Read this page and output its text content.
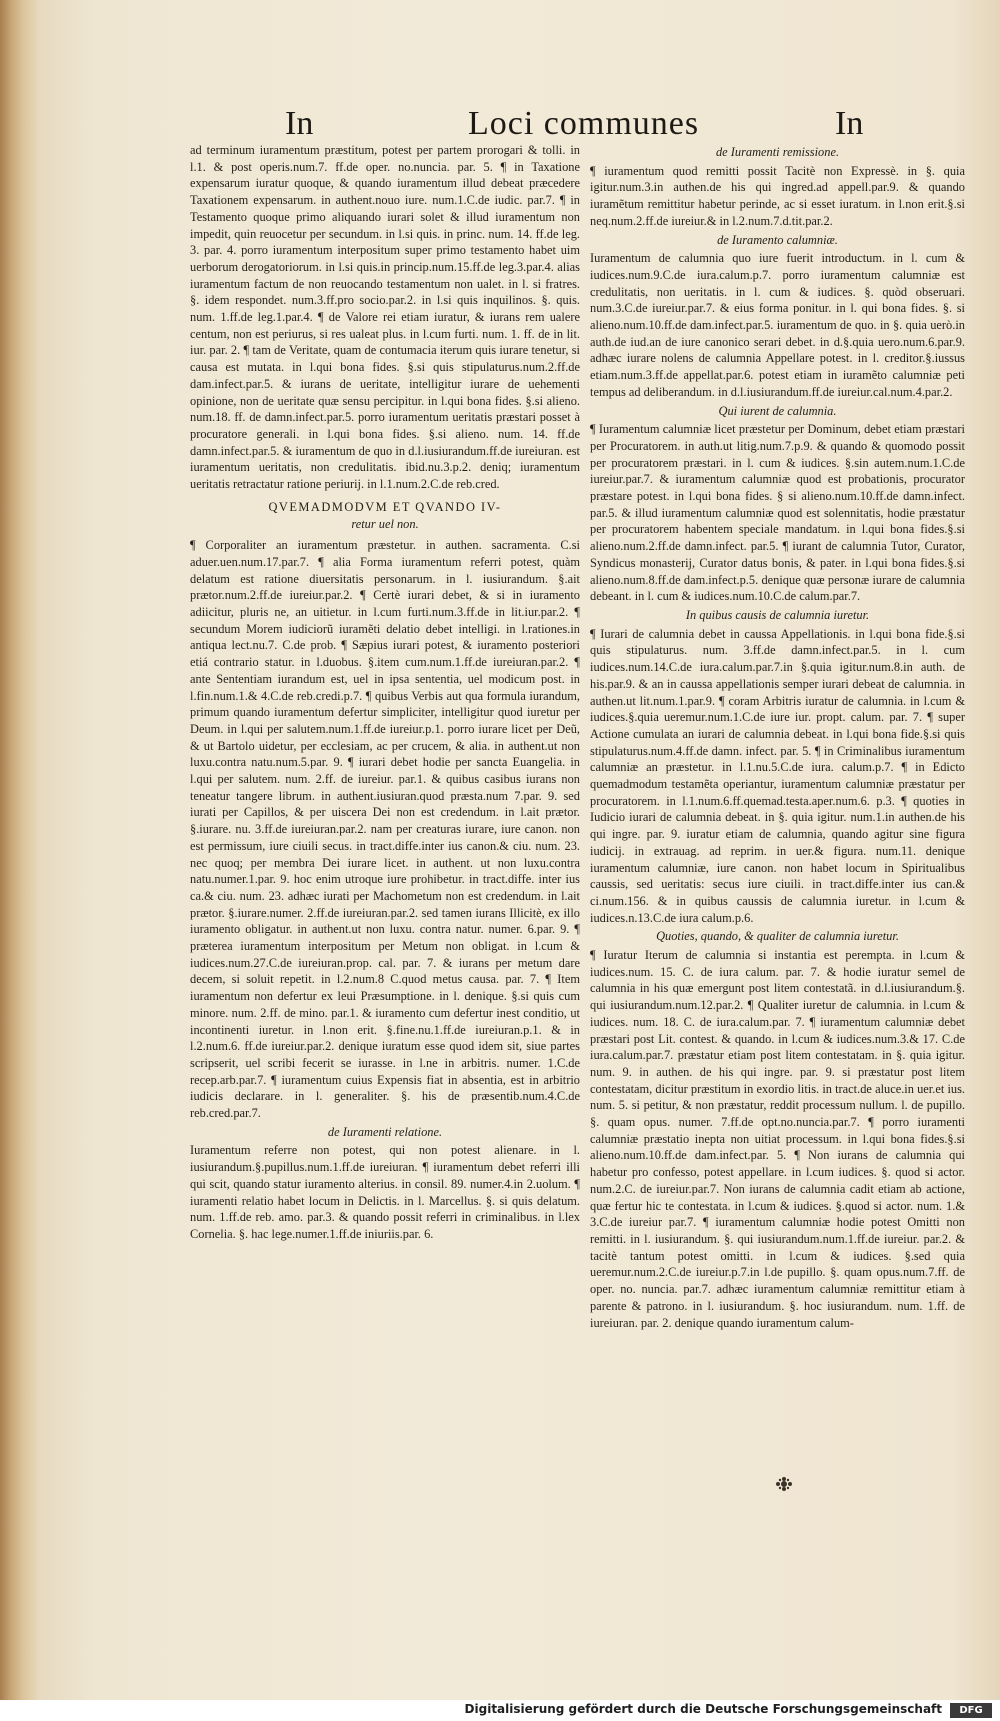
In	Loci communes	In

ad terminum iuramentum præstitum, potest per partem prorogari & tolli. in l.1. & post operis.num.7. ff.de oper. no.nuncia. par. 5. ¶ in Taxatione expensarum iuratur quoque, & quando iuramentum illud debeat præcedere Taxationem expensarum. in authent.nouo iure. num.1.C.de iudic. par.7. ¶ in Testamento quoque primo aliquando iurari solet & illud iuramentum non impedit, quin reuocetur per secundum. in l.si quis. in princ. num. 14. ff.de leg. 3. par. 4. porro iuramentum interpositum super primo testamento habet uim uerborum derogatoriorum. in l.si quis.in princip.num.15.ff.de leg.3.par.4. alias iuramentum factum de non reuocando testamentum non ualet. in l. si fratres. §. idem respondet. num.3.ff.pro socio.par.2. in l.si quis inquilinos. §. quis. num. 1.ff.de leg.1.par.4. ¶ de Valore rei etiam iuratur, & iurans rem ualere centum, non est periurus, si res ualeat plus. in l.cum furti. num. 1. ff. de in lit. iur. par. 2. ¶ tam de Veritate, quam de contumacia iterum quis iurare tenetur, si causa est mutata. in l.qui bona fides. §.si quis stipulaturus.num.2.ff.de dam.infect.par.5. & iurans de ueritate, intelligitur iurare de uehementi opinione, non de ueritate quæ sensu percipitur. in l.qui bona fides. §.si alieno. num.18. ff. de damn.infect.par.5. porro iuramentum ueritatis præstari posset à procuratore generali. in l.qui bona fides. §.si alieno. num. 14. ff.de damn.infect.par.5. & iuramentum de quo in d.l.iusiurandum.ff.de iureiuran. est iuramentum ueritatis, non credulitatis. ibid.nu.3.p.2. deniq; iuramentum ueritatis retractatur ratione periurij. in l.1.num.2.C.de reb.cred.

QVEMADMODVM ET QVANDO IV-
retur uel non.

¶ Corporaliter an iuramentum præstetur. in authen. sacramenta. C.si aduer.uen.num.17.par.7. ¶ alia Forma iuramentum referri potest, quàm delatum est ratione diuersitatis personarum. in l. iusiurandum. §.ait prætor.num.2.ff.de iureiur.par.2. ¶ Certè iurari debet, & si in iuramento adiicitur, pluris ne, an uitietur. in l.cum furti.num.3.ff.de in lit.iur.par.2. ¶ secundum Morem iudiciorũ iuramẽti delatio debet intelligi. in l.rationes.in antiqua lect.nu.7. C.de prob. ¶ Sæpius iurari potest, & iuramento posteriori etiá contrario statur. in l.duobus. §.item cum.num.1.ff.de iureiuran.par.2. ¶ ante Sententiam iurandum est, uel in ipsa sententia, uel modicum post. in l.fin.num.1.& 4.C.de reb.credi.p.7. ¶ quibus Verbis aut qua formula iurandum, primum quando iuramentum defertur simpliciter, intelligitur quod iuretur per Deum. in l.qui per salutem.num.1.ff.de iureiur.p.1. porro iurare licet per Deũ, & ut Bartolo uidetur, per ecclesiam, ac per crucem, & alia. in authent.ut non luxu.contra natu.num.5.par. 9. ¶ iurari debet hodie per sancta Euangelia. in l.qui per salutem. num. 2.ff. de iureiur. par.1. & quibus casibus iurans non teneatur tangere librum. in authent.iusiuran.quod præsta.num 7.par. 9. sed iurati per Capillos, & per uiscera Dei non est credendum. in l.ait prætor. §.iurare. nu. 3.ff.de iureiuran.par.2. nam per creaturas iurare, iure canon. non est permissum, iure ciuili secus. in tract.diffe.inter ius canon.& ciu. num. 23. nec quoq; per membra Dei iurare licet. in authent. ut non luxu.contra natu.numer.1.par. 9. hoc enim utroque iure prohibetur. in tract.diffe. inter ius ca.& ciu. num. 23. adhæc iurati per Machometum non est credendum. in l.ait prætor. §.iurare.numer. 2.ff.de iureiuran.par.2. sed tamen iurans Illicitè, ex illo iuramento obligatur. in authent.ut non luxu. contra natur. numer. 6.par. 9. ¶ præterea iuramentum interpositum per Metum non obligat. in l.cum & iudices.num.27.C.de iureiuran.prop. cal. par. 7. & iurans per metum dare decem, si soluit repetit. in l.2.num.8 C.quod metus causa. par. 7. ¶ Item iuramentum non defertur ex leui Præsumptione. in l. denique. §.si quis cum minore. num. 2.ff. de mino. par.1. & iuramento cum defertur inest conditio, ut incontinenti iuretur. in l.non erit. §.fine.nu.1.ff.de iureiuran.p.1. & in l.2.num.6. ff.de iureiur.par.2. denique iuratum esse quod idem sit, siue partes scripserit, uel scribi fecerit se iurasse. in l.ne in arbitris. numer. 1.C.de recep.arb.par.7. ¶ iuramentum cuius Expensis fiat in absentia, est in arbitrio iudicis declarare. in l. generaliter. §. his de præsentib.num.4.C.de reb.cred.par.7.

de Iuramenti relatione.

Iuramentum referre non potest, qui non potest alienare. in l. iusiurandum.§.pupillus.num.1.ff.de iureiuran. ¶ iuramentum debet referri illi qui scit, quando statur iuramento alterius. in consil. 89. numer.4.in 2.uolum. ¶ iuramenti relatio habet locum in Delictis. in l. Marcellus. §. si quis delatum. num. 1.ff.de reb. amo. par.3. & quando possit referri in criminalibus. in l.lex Cornelia. §. hac lege.numer.1.ff.de iniuriis.par. 6.

de Iuramenti remissione.

¶ iuramentum quod remitti possit Tacitè non Expressè. in §. quia igitur.num.3.in authen.de his qui ingred.ad appell.par.9. & quando iuramẽtum remittitur habetur perinde, ac si esset iuratum. in l.non erit.§.si neq.num.2.ff.de iureiur.& in l.2.num.7.d.tit.par.2.

de Iuramento calumniæ.

Iuramentum de calumnia quo iure fuerit introductum. in l. cum & iudices.num.9.C.de iura.calum.p.7. porro iuramentum calumniæ est credulitatis, non ueritatis. in l. cum & iudices. §. quòd obseruari. num.3.C.de iureiur.par.7. & eius forma ponitur. in l. qui bona fides. §. si alieno.num.10.ff.de dam.infect.par.5. iuramentum de quo. in §. quia uerò.in auth.de iud.an de iure canonico serari debet. in d.§.quia uero.num.6.par.9. adhæc iurare nolens de calumnia Appellare potest. in l. creditor.§.iussus etiam.num.3.ff.de appellat.par.6. potest etiam in iuramẽto calumniæ peti tempus ad deliberandum. in d.l.iusiurandum.ff.de iureiur.cal.num.4.par.2.

Qui iurent de calumnia.

¶ Iuramentum calumniæ licet præstetur per Dominum, debet etiam præstari per Procuratorem. in auth.ut litig.num.7.p.9. & quando & quomodo possit per procuratorem præstari. in l. cum & iudices. §.sin autem.num.1.C.de iureiur.par.7. & iuramentum calumniæ quod est probationis, procurator præstare potest. in l.qui bona fides. § si alieno.num.10.ff.de damn.infect. par.5. & illud iuramentum calumniæ quod est solennitatis, hodie præstatur per procuratorem habentem speciale mandatum. in l.qui bona fides.§.si alieno.num.2.ff.de damn.infect. par.5. ¶ iurant de calumnia Tutor, Curator, Syndicus monasterij, Curator datus bonis, & pater. in l.qui bona fides.§.si alieno.num.8.ff.de dam.infect.p.5. denique quæ personæ iurare de calumnia debeant. in l. cum & iudices.num.10.C.de calum.par.7.

In quibus causis de calumnia iuretur.

¶ Iurari de calumnia debet in caussa Appellationis. in l.qui bona fide.§.si quis stipulaturus. num. 3.ff.de damn.infect.par.5. in l. cum iudices.num.14.C.de iura.calum.par.7.in §.quia igitur.num.8.in auth. de his.par.9. & an in caussa appellationis semper iurari debeat de calumnia. in authen.ut lit.num.1.par.9. ¶ coram Arbitris iuratur de calumnia. in l.cum & iudices.§.quia ueremur.num.1.C.de iure iur. propt. calum. par. 7. ¶ super Actione cumulata an iurari de calumnia debeat. in l.qui bona fide.§.si quis stipulaturus.num.4.ff.de damn. infect. par. 5. ¶ in Criminalibus iuramentum calumniæ an præstetur. in l.1.nu.5.C.de iura. calum.p.7. ¶ in Edicto quemadmodum testamẽta operiantur, iuramentum calumniæ præstatur per procuratorem. in l.1.num.6.ff.quemad.testa.aper.num.6. p.3. ¶ quoties in Iudicio iurari de calumnia debeat. in §. quia igitur. num.1.in authen.de his qui ingre. par. 9. iuratur etiam de calumnia, quando agitur sine figura iudicij. in extrauag. ad reprim. in uer.& figura. num.11. denique iuramentum calumniæ, iure canon. non habet locum in Spiritualibus caussis, sed ueritatis: secus iure ciuili. in tract.diffe.inter ius can.& ci.num.156. & in quibus caussis de calumnia iuretur. in l.cum & iudices.n.13.C.de iura calum.p.6.

Quoties, quando, & qualiter de calumnia iuretur.

¶ Iuratur Iterum de calumnia si instantia est perempta. in l.cum & iudices.num. 15. C. de iura calum. par. 7. & hodie iuratur semel de calumnia in his quæ emergunt post litem contestatã. in d.l.iusiurandum.§. qui iusiurandum.num.12.par.2. ¶ Qualiter iuretur de calumnia. in l.cum & iudices. num. 18. C. de iura.calum.par. 7. ¶ iuramentum calumniæ debet præstari post Lit. contest. & quando. in l.cum & iudices.num.3.& 17. C.de iura.calum.par.7. præstatur etiam post litem contestatam. in §. quia igitur. num. 9. in authen. de his qui ingre. par. 9. si præstatur post litem contestatam, dicitur præstitum in exordio litis. in tract.de aluce.in uer.et ius. num. 5. si petitur, & non præstatur, reddit processum nullum. l. de pupillo. §. quam opus. numer. 7.ff.de opt.no.nuncia.par.7. ¶ porro iuramenti calumniæ præstatio inepta non uitiat processum. in l.qui bona fides.§.si alieno.num.10.ff.de dam.infect.par. 5. ¶ Non iurans de calumnia qui habetur pro confesso, potest appellare. in l.cum iudices. §. quod si actor. num.2.C. de iureiur.par.7. Non iurans de calumnia cadit etiam ab actione, quæ fertur hic te contestata. in l.cum & iudices. §.quod si actor. num. 1.& 3.C.de iureiur par.7. ¶ iuramentum calumniæ hodie potest Omitti non remitti. in l. iusiurandum. §. qui iusiurandum.num.1.ff.de iureiur. par.2. & tacitè tantum potest omitti. in l.cum & iudices. §.sed quia ueremur.num.2.C.de iureiur.p.7.in l.de pupillo. §. quam opus.num.7.ff. de oper. no. nuncia. par.7. adhæc iuramentum calumniæ remittitur etiam à parente & patrono. in l. iusiurandum. §. hoc iusiurandum. num. 1.ff. de iureiuran. par. 2. denique quando iuramentum calum-

Digitalisierung gefördert durch die Deutsche Forschungsgemeinschaft	DFG
